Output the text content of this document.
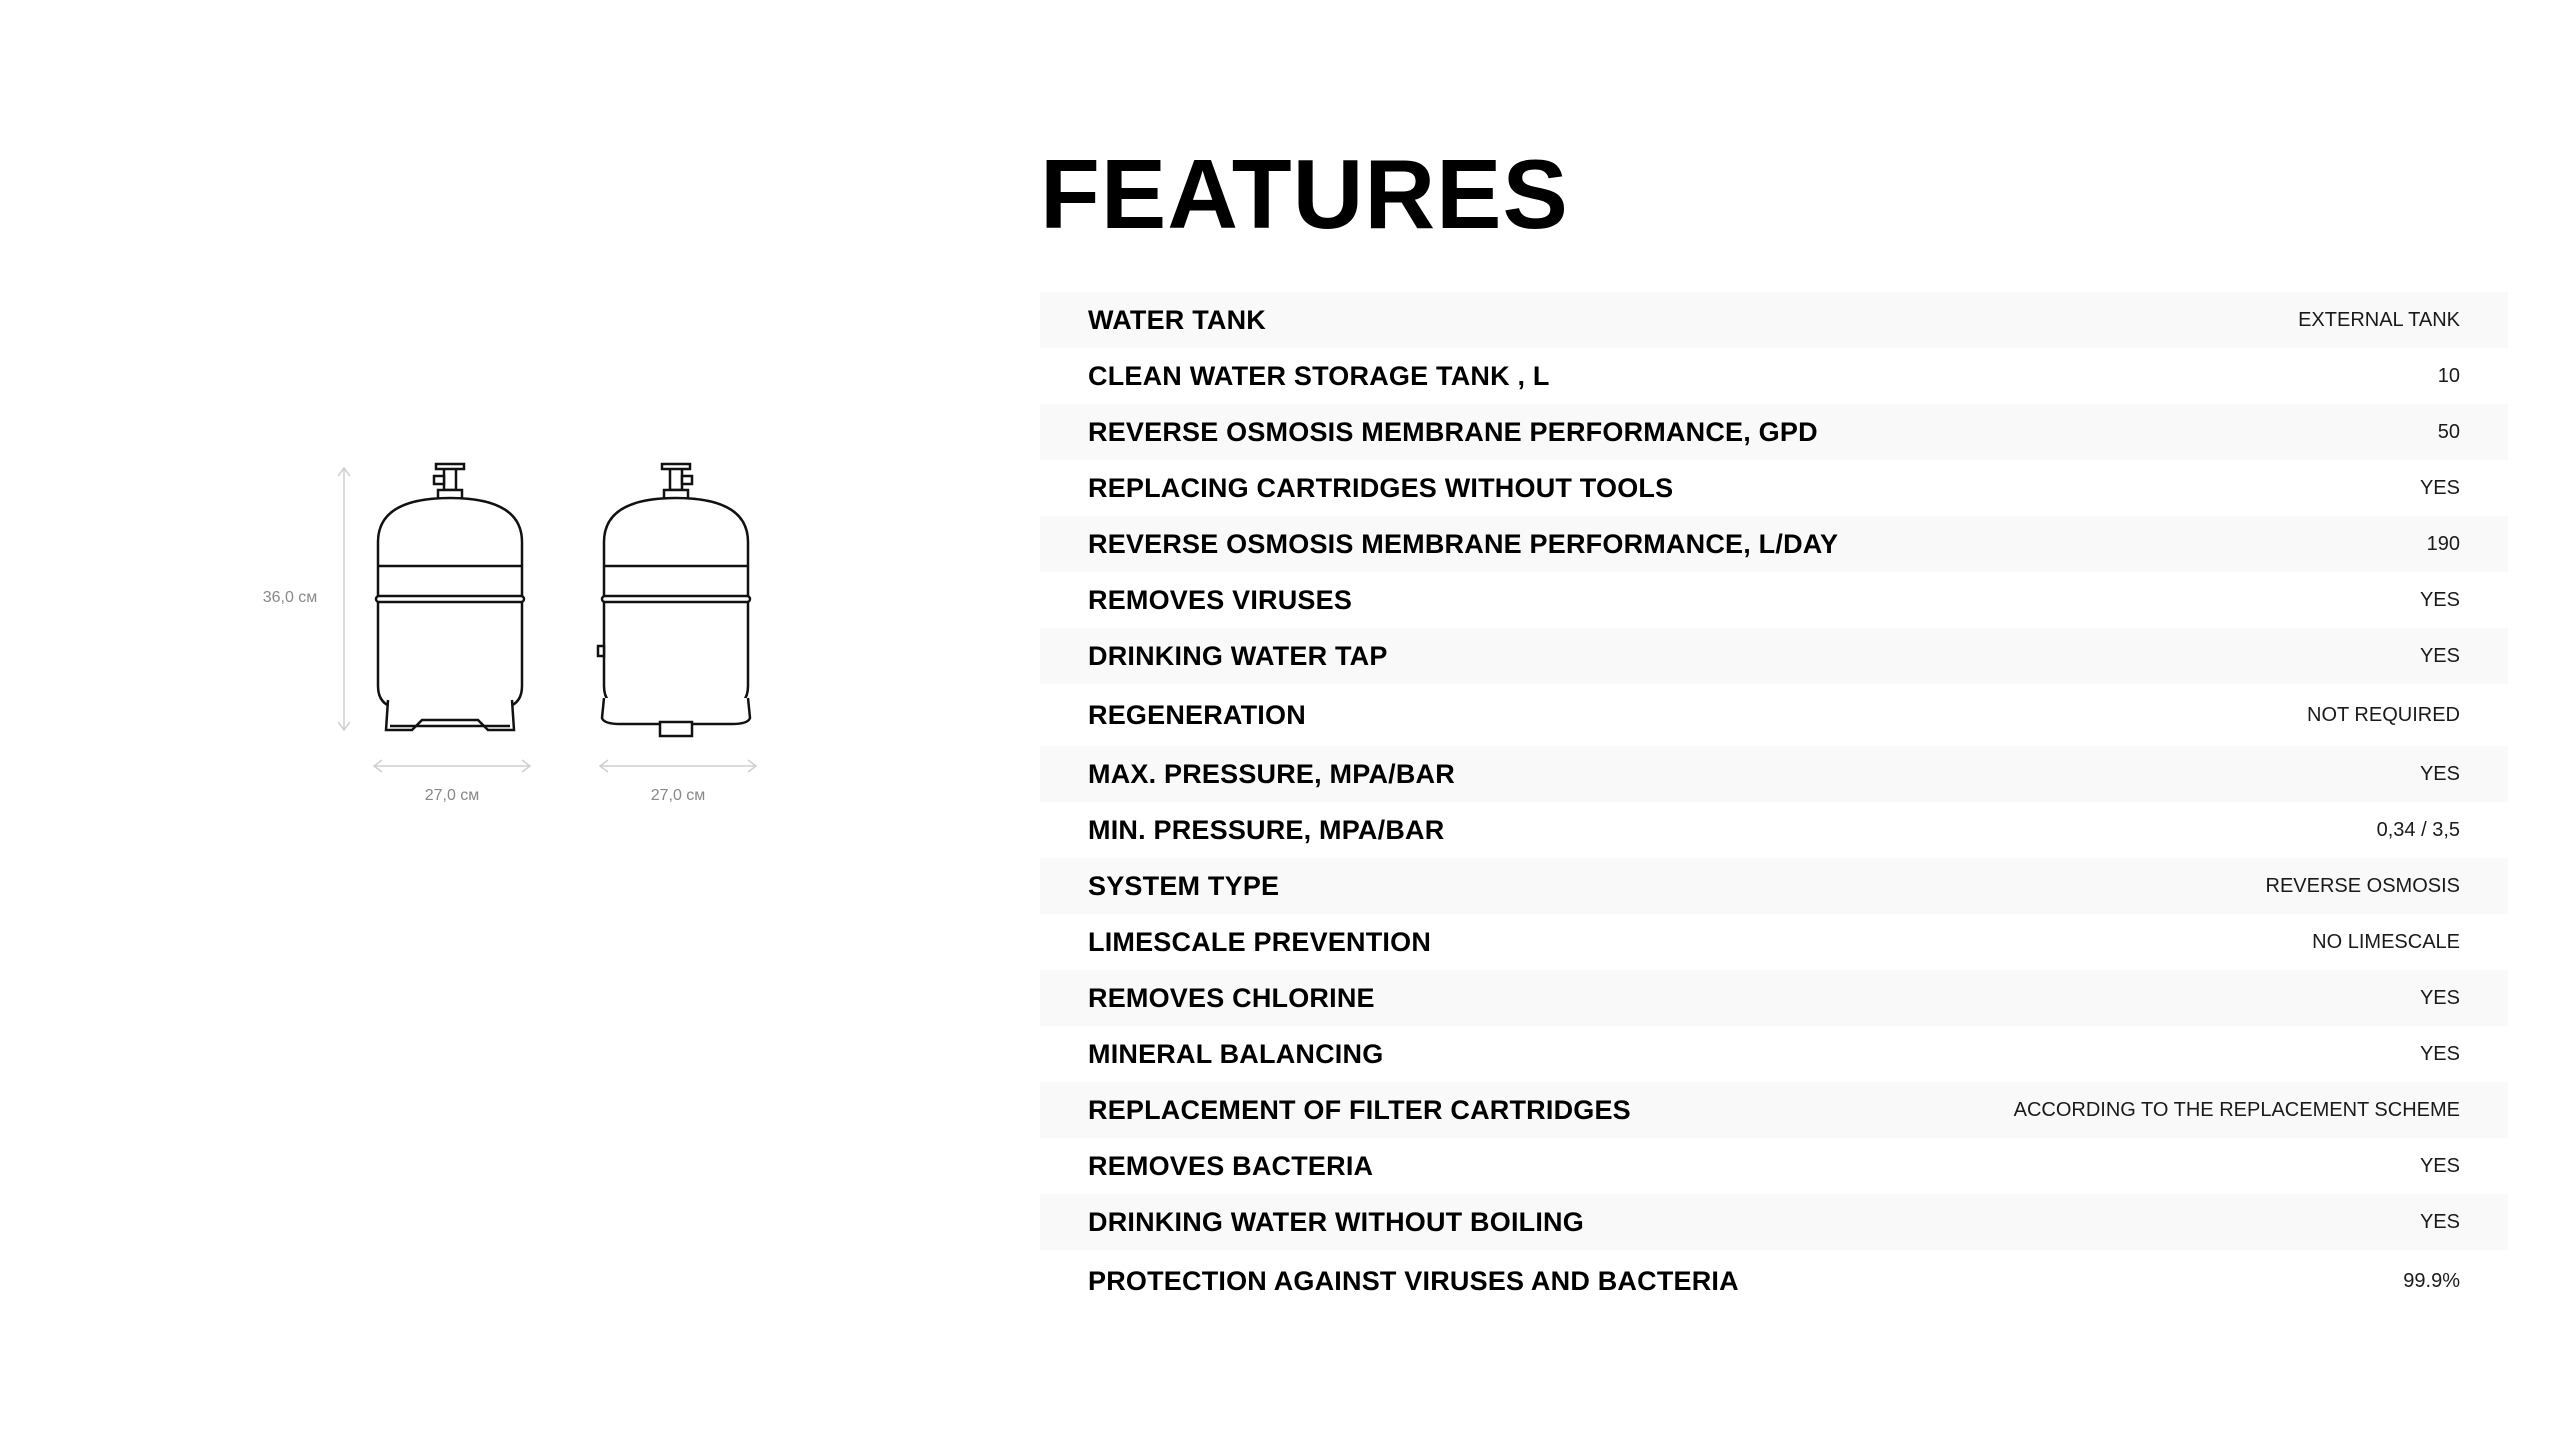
FEATURES
36,0 см
27,0 см	27,0 см
WATER TANK	EXTERNAL TANK
CLEAN WATER STORAGE TANK , L	10
REVERSE OSMOSIS MEMBRANE PERFORMANCE, GPD	50
REPLACING CARTRIDGES WITHOUT TOOLS	YES
REVERSE OSMOSIS MEMBRANE PERFORMANCE, L/DAY	190
REMOVES VIRUSES	YES
DRINKING WATER TAP	YES
REGENERATION	NOT REQUIRED
MAX. PRESSURE, MPA/BAR	YES
MIN. PRESSURE, MPA/BAR	0,34 / 3,5
SYSTEM TYPE	REVERSE OSMOSIS
LIMESCALE PREVENTION	NO LIMESCALE
REMOVES CHLORINE	YES
MINERAL BALANCING	YES
REPLACEMENT OF FILTER CARTRIDGES	ACCORDING TO THE REPLACEMENT SCHEME
REMOVES BACTERIA	YES
DRINKING WATER WITHOUT BOILING	YES
PROTECTION AGAINST VIRUSES AND BACTERIA	99.9%
